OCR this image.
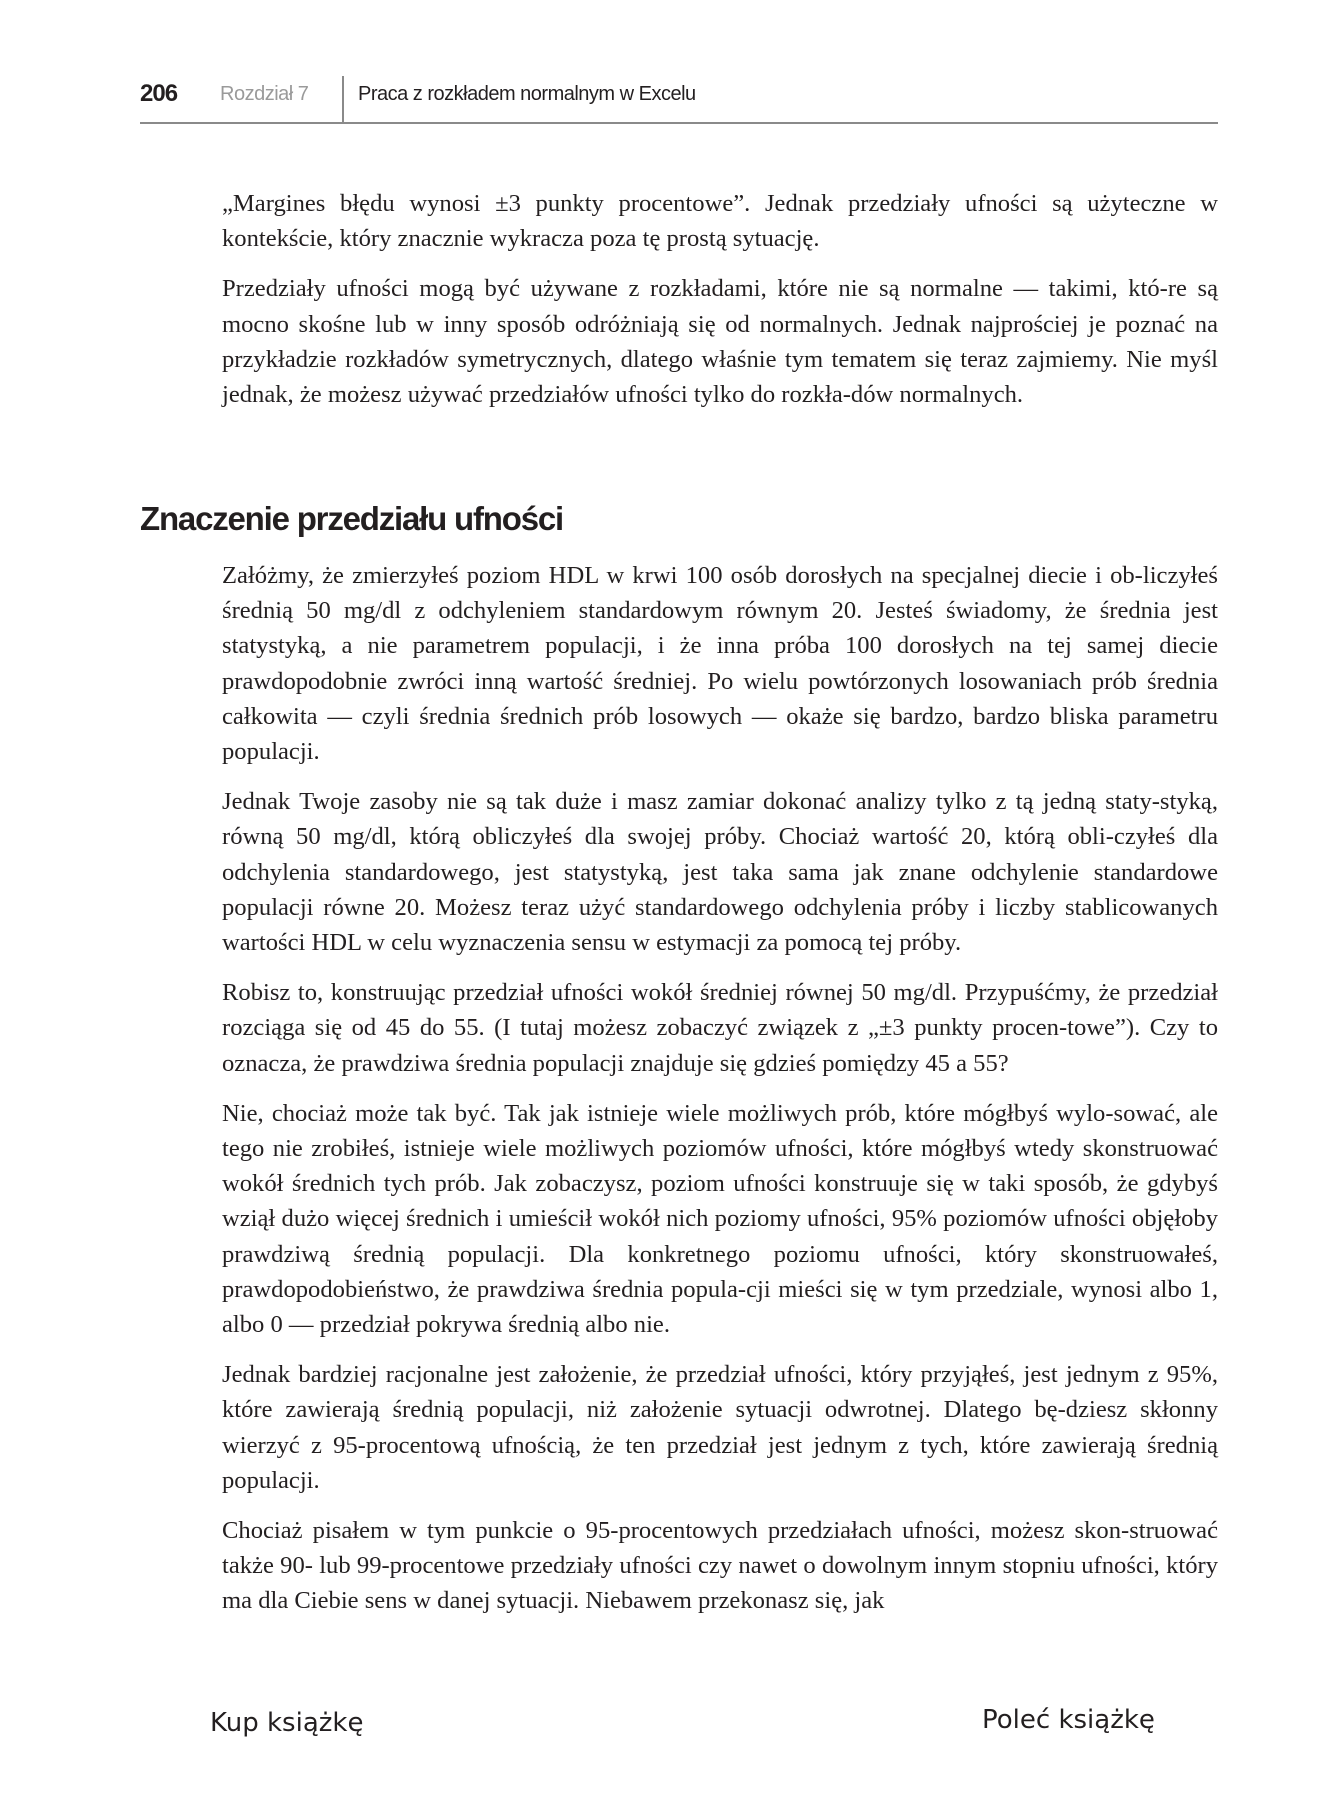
206 Rozdział 7 Praca z rozkładem normalnym w Excelu

„Margines błędu wynosi ±3 punkty procentowe”. Jednak przedziały ufności są użyteczne w kontekście, który znacznie wykracza poza tę prostą sytuację.

Przedziały ufności mogą być używane z rozkładami, które nie są normalne — takimi, któ-re są mocno skośne lub w inny sposób odróżniają się od normalnych. Jednak najprościej je poznać na przykładzie rozkładów symetrycznych, dlatego właśnie tym tematem się teraz zajmiemy. Nie myśl jednak, że możesz używać przedziałów ufności tylko do rozkła-dów normalnych.

Znaczenie przedziału ufności

Załóżmy, że zmierzyłeś poziom HDL w krwi 100 osób dorosłych na specjalnej diecie i ob-liczyłeś średnią 50 mg/dl z odchyleniem standardowym równym 20. Jesteś świadomy, że średnia jest statystyką, a nie parametrem populacji, i że inna próba 100 dorosłych na tej samej diecie prawdopodobnie zwróci inną wartość średniej. Po wielu powtórzonych losowaniach prób średnia całkowita — czyli średnia średnich prób losowych — okaże się bardzo, bardzo bliska parametru populacji.

Jednak Twoje zasoby nie są tak duże i masz zamiar dokonać analizy tylko z tą jedną staty-styką, równą 50 mg/dl, którą obliczyłeś dla swojej próby. Chociaż wartość 20, którą obli-czyłeś dla odchylenia standardowego, jest statystyką, jest taka sama jak znane odchylenie standardowe populacji równe 20. Możesz teraz użyć standardowego odchylenia próby i liczby stablicowanych wartości HDL w celu wyznaczenia sensu w estymacji za pomocą tej próby.

Robisz to, konstruując przedział ufności wokół średniej równej 50 mg/dl. Przypuśćmy, że przedział rozciąga się od 45 do 55. (I tutaj możesz zobaczyć związek z „±3 punkty procen-towe”). Czy to oznacza, że prawdziwa średnia populacji znajduje się gdzieś pomiędzy 45 a 55?

Nie, chociaż może tak być. Tak jak istnieje wiele możliwych prób, które mógłbyś wylo-sować, ale tego nie zrobiłeś, istnieje wiele możliwych poziomów ufności, które mógłbyś wtedy skonstruować wokół średnich tych prób. Jak zobaczysz, poziom ufności konstruuje się w taki sposób, że gdybyś wziął dużo więcej średnich i umieścił wokół nich poziomy ufności, 95% poziomów ufności objęłoby prawdziwą średnią populacji. Dla konkretnego poziomu ufności, który skonstruowałeś, prawdopodobieństwo, że prawdziwa średnia popula-cji mieści się w tym przedziale, wynosi albo 1, albo 0 — przedział pokrywa średnią albo nie.

Jednak bardziej racjonalne jest założenie, że przedział ufności, który przyjąłeś, jest jednym z 95%, które zawierają średnią populacji, niż założenie sytuacji odwrotnej. Dlatego bę-dziesz skłonny wierzyć z 95-procentową ufnością, że ten przedział jest jednym z tych, które zawierają średnią populacji.

Chociaż pisałem w tym punkcie o 95-procentowych przedziałach ufności, możesz skon-struować także 90- lub 99-procentowe przedziały ufności czy nawet o dowolnym innym stopniu ufności, który ma dla Ciebie sens w danej sytuacji. Niebawem przekonasz się, jak

Kup książkę	Poleć książkę
